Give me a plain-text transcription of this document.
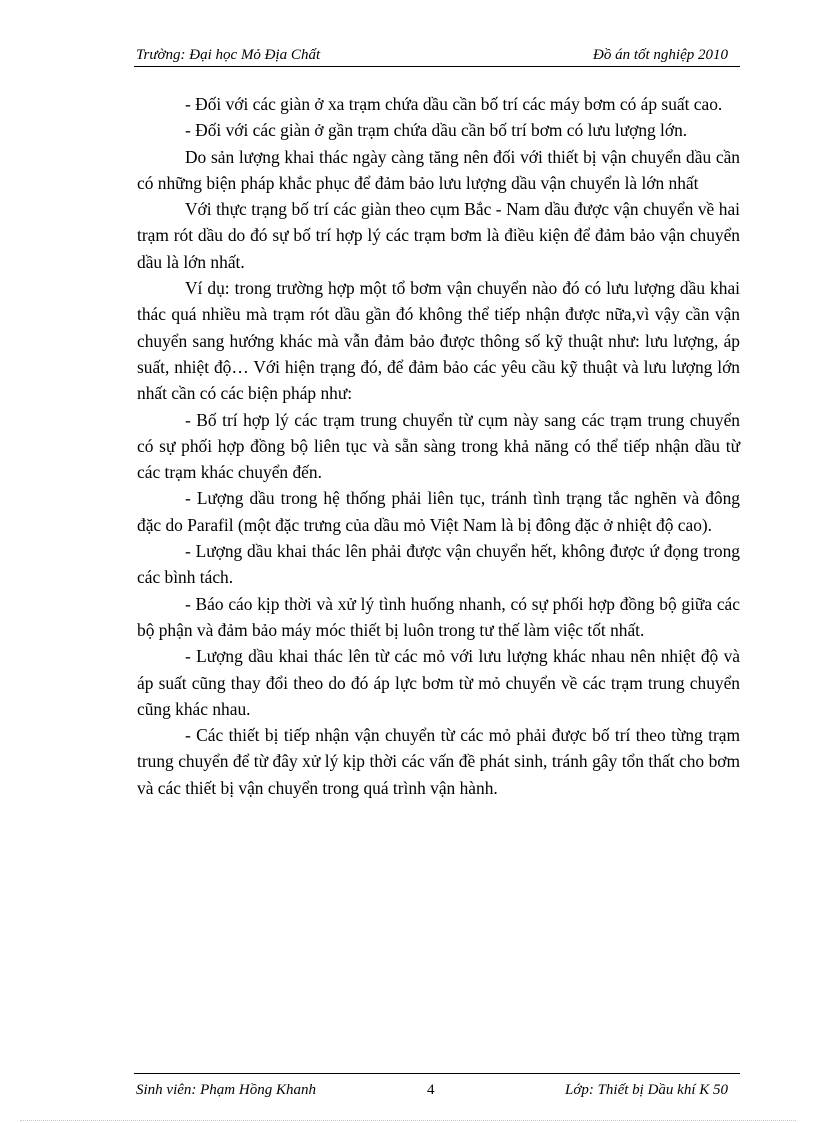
Trường: Đại học Mỏ Địa Chất	Đồ án tốt nghiệp 2010

- Đối với các giàn ở xa trạm chứa dầu cần bố trí các máy bơm có áp suất cao.

- Đối với các giàn ở gần trạm chứa dầu cần bố trí bơm có lưu lượng lớn.

Do sản lượng khai thác ngày càng tăng nên đối với thiết bị vận chuyển dầu cần có những biện pháp khắc phục để đảm bảo lưu lượng dầu vận chuyển là lớn nhất

Với thực trạng bố trí các giàn theo cụm Bắc - Nam dầu được vận chuyển về hai trạm rót dầu do đó sự bố trí hợp lý các trạm bơm là điều kiện để đảm bảo vận chuyển dầu là lớn nhất.

Ví dụ: trong trường hợp một tổ bơm vận chuyển nào đó có lưu lượng dầu khai thác quá nhiều mà trạm rót dầu gần đó không thể tiếp nhận được nữa,vì vậy cần vận chuyển sang hướng khác mà vẫn đảm bảo được thông số kỹ thuật như: lưu lượng, áp suất, nhiệt độ… Với hiện trạng đó, để đảm bảo các yêu cầu kỹ thuật và lưu lượng lớn nhất cần có các biện pháp như:

- Bố trí hợp lý các trạm trung chuyển từ cụm này sang các trạm trung chuyển có sự phối hợp đồng bộ liên tục và sẵn sàng trong khả năng có thể tiếp nhận dầu từ các trạm khác chuyển đến.

- Lượng dầu trong hệ thống phải liên tục, tránh tình trạng tắc nghẽn và đông đặc do Parafil (một đặc trưng của dầu mỏ Việt Nam là bị đông đặc ở nhiệt độ cao).

- Lượng dầu khai thác lên phải được vận chuyển hết, không được ứ đọng trong các bình tách.

- Báo cáo kịp thời và xử lý tình huống nhanh, có sự phối hợp đồng bộ giữa các bộ phận và đảm bảo máy móc thiết bị luôn trong tư thế làm việc tốt nhất.

- Lượng dầu khai thác lên từ các mỏ với lưu lượng khác nhau nên nhiệt độ và áp suất cũng thay đổi theo do đó áp lực bơm từ mỏ chuyển về các trạm trung chuyển cũng khác nhau.

- Các thiết bị tiếp nhận vận chuyển từ các mỏ phải được bố trí theo từng trạm trung chuyển để từ đây xử lý kịp thời các vấn đề phát sinh, tránh gây tổn thất cho bơm và các thiết bị vận chuyển trong quá trình vận hành.

Sinh viên: Phạm Hồng Khanh	4	Lớp: Thiết bị Dầu khí K 50
